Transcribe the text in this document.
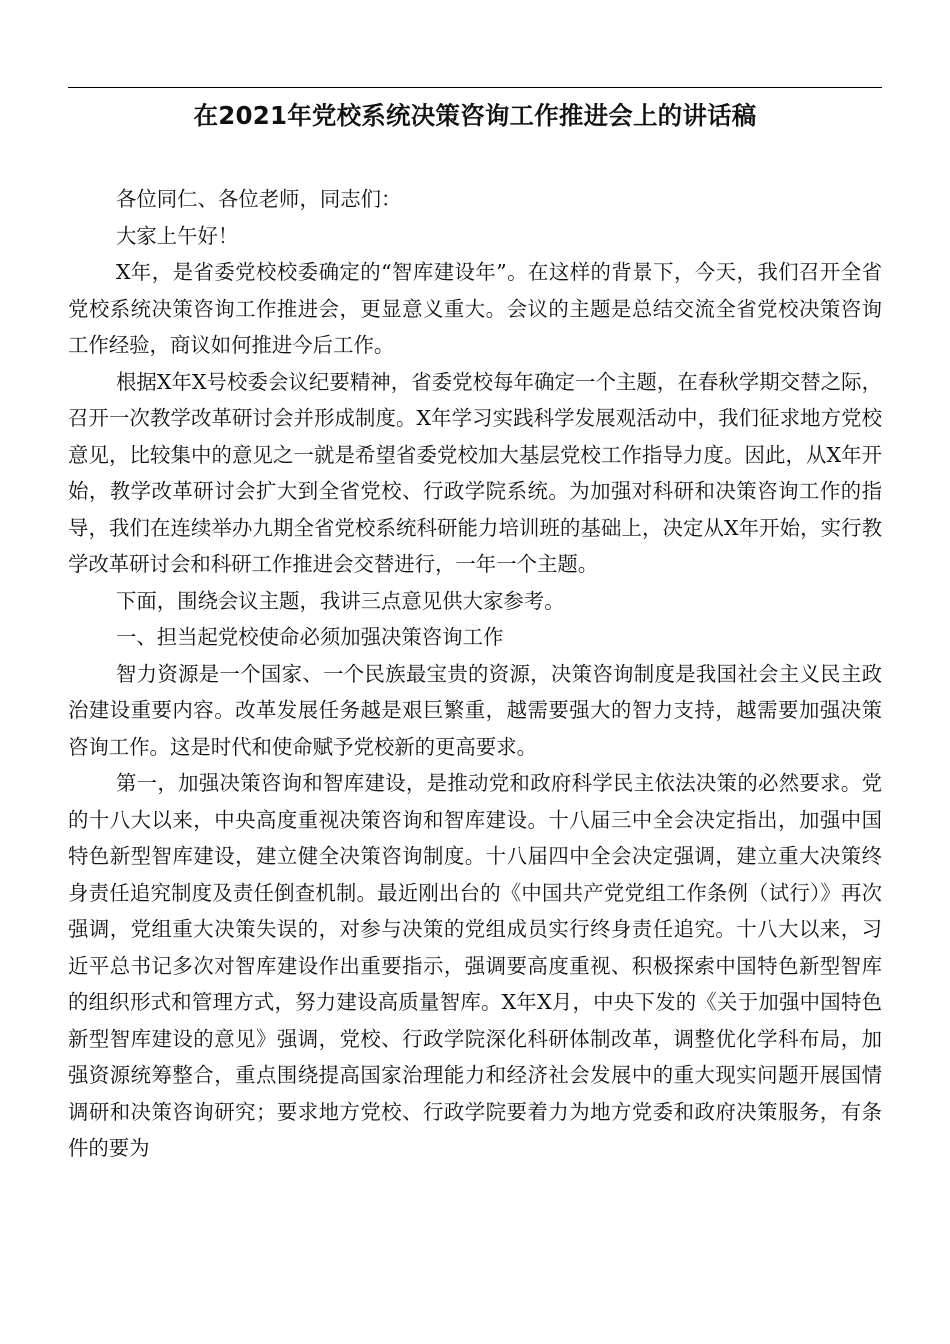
在2021年党校系统决策咨询工作推进会上的讲话稿

各位同仁、各位老师，同志们：

大家上午好！

X年，是省委党校校委确定的“智库建设年”。在这样的背景下，今天，我们召开全省党校系统决策咨询工作推进会，更显意义重大。会议的主题是总结交流全省党校决策咨询工作经验，商议如何推进今后工作。

根据X年X号校委会议纪要精神，省委党校每年确定一个主题，在春秋学期交替之际，召开一次教学改革研讨会并形成制度。X年学习实践科学发展观活动中，我们征求地方党校意见，比较集中的意见之一就是希望省委党校加大基层党校工作指导力度。因此，从X年开始，教学改革研讨会扩大到全省党校、行政学院系统。为加强对科研和决策咨询工作的指导，我们在连续举办九期全省党校系统科研能力培训班的基础上，决定从X年开始，实行教学改革研讨会和科研工作推进会交替进行，一年一个主题。

下面，围绕会议主题，我讲三点意见供大家参考。

一、担当起党校使命必须加强决策咨询工作

智力资源是一个国家、一个民族最宝贵的资源，决策咨询制度是我国社会主义民主政治建设重要内容。改革发展任务越是艰巨繁重，越需要强大的智力支持，越需要加强决策咨询工作。这是时代和使命赋予党校新的更高要求。

第一，加强决策咨询和智库建设，是推动党和政府科学民主依法决策的必然要求。党的十八大以来，中央高度重视决策咨询和智库建设。十八届三中全会决定指出，加强中国特色新型智库建设，建立健全决策咨询制度。十八届四中全会决定强调，建立重大决策终身责任追究制度及责任倒查机制。最近刚出台的《中国共产党党组工作条例（试行）》再次强调，党组重大决策失误的，对参与决策的党组成员实行终身责任追究。十八大以来，习近平总书记多次对智库建设作出重要指示，强调要高度重视、积极探索中国特色新型智库的组织形式和管理方式，努力建设高质量智库。X年X月，中央下发的《关于加强中国特色新型智库建设的意见》强调，党校、行政学院深化科研体制改革，调整优化学科布局，加强资源统筹整合，重点围绕提高国家治理能力和经济社会发展中的重大现实问题开展国情调研和决策咨询研究；要求地方党校、行政学院要着力为地方党委和政府决策服务，有条件的要为
